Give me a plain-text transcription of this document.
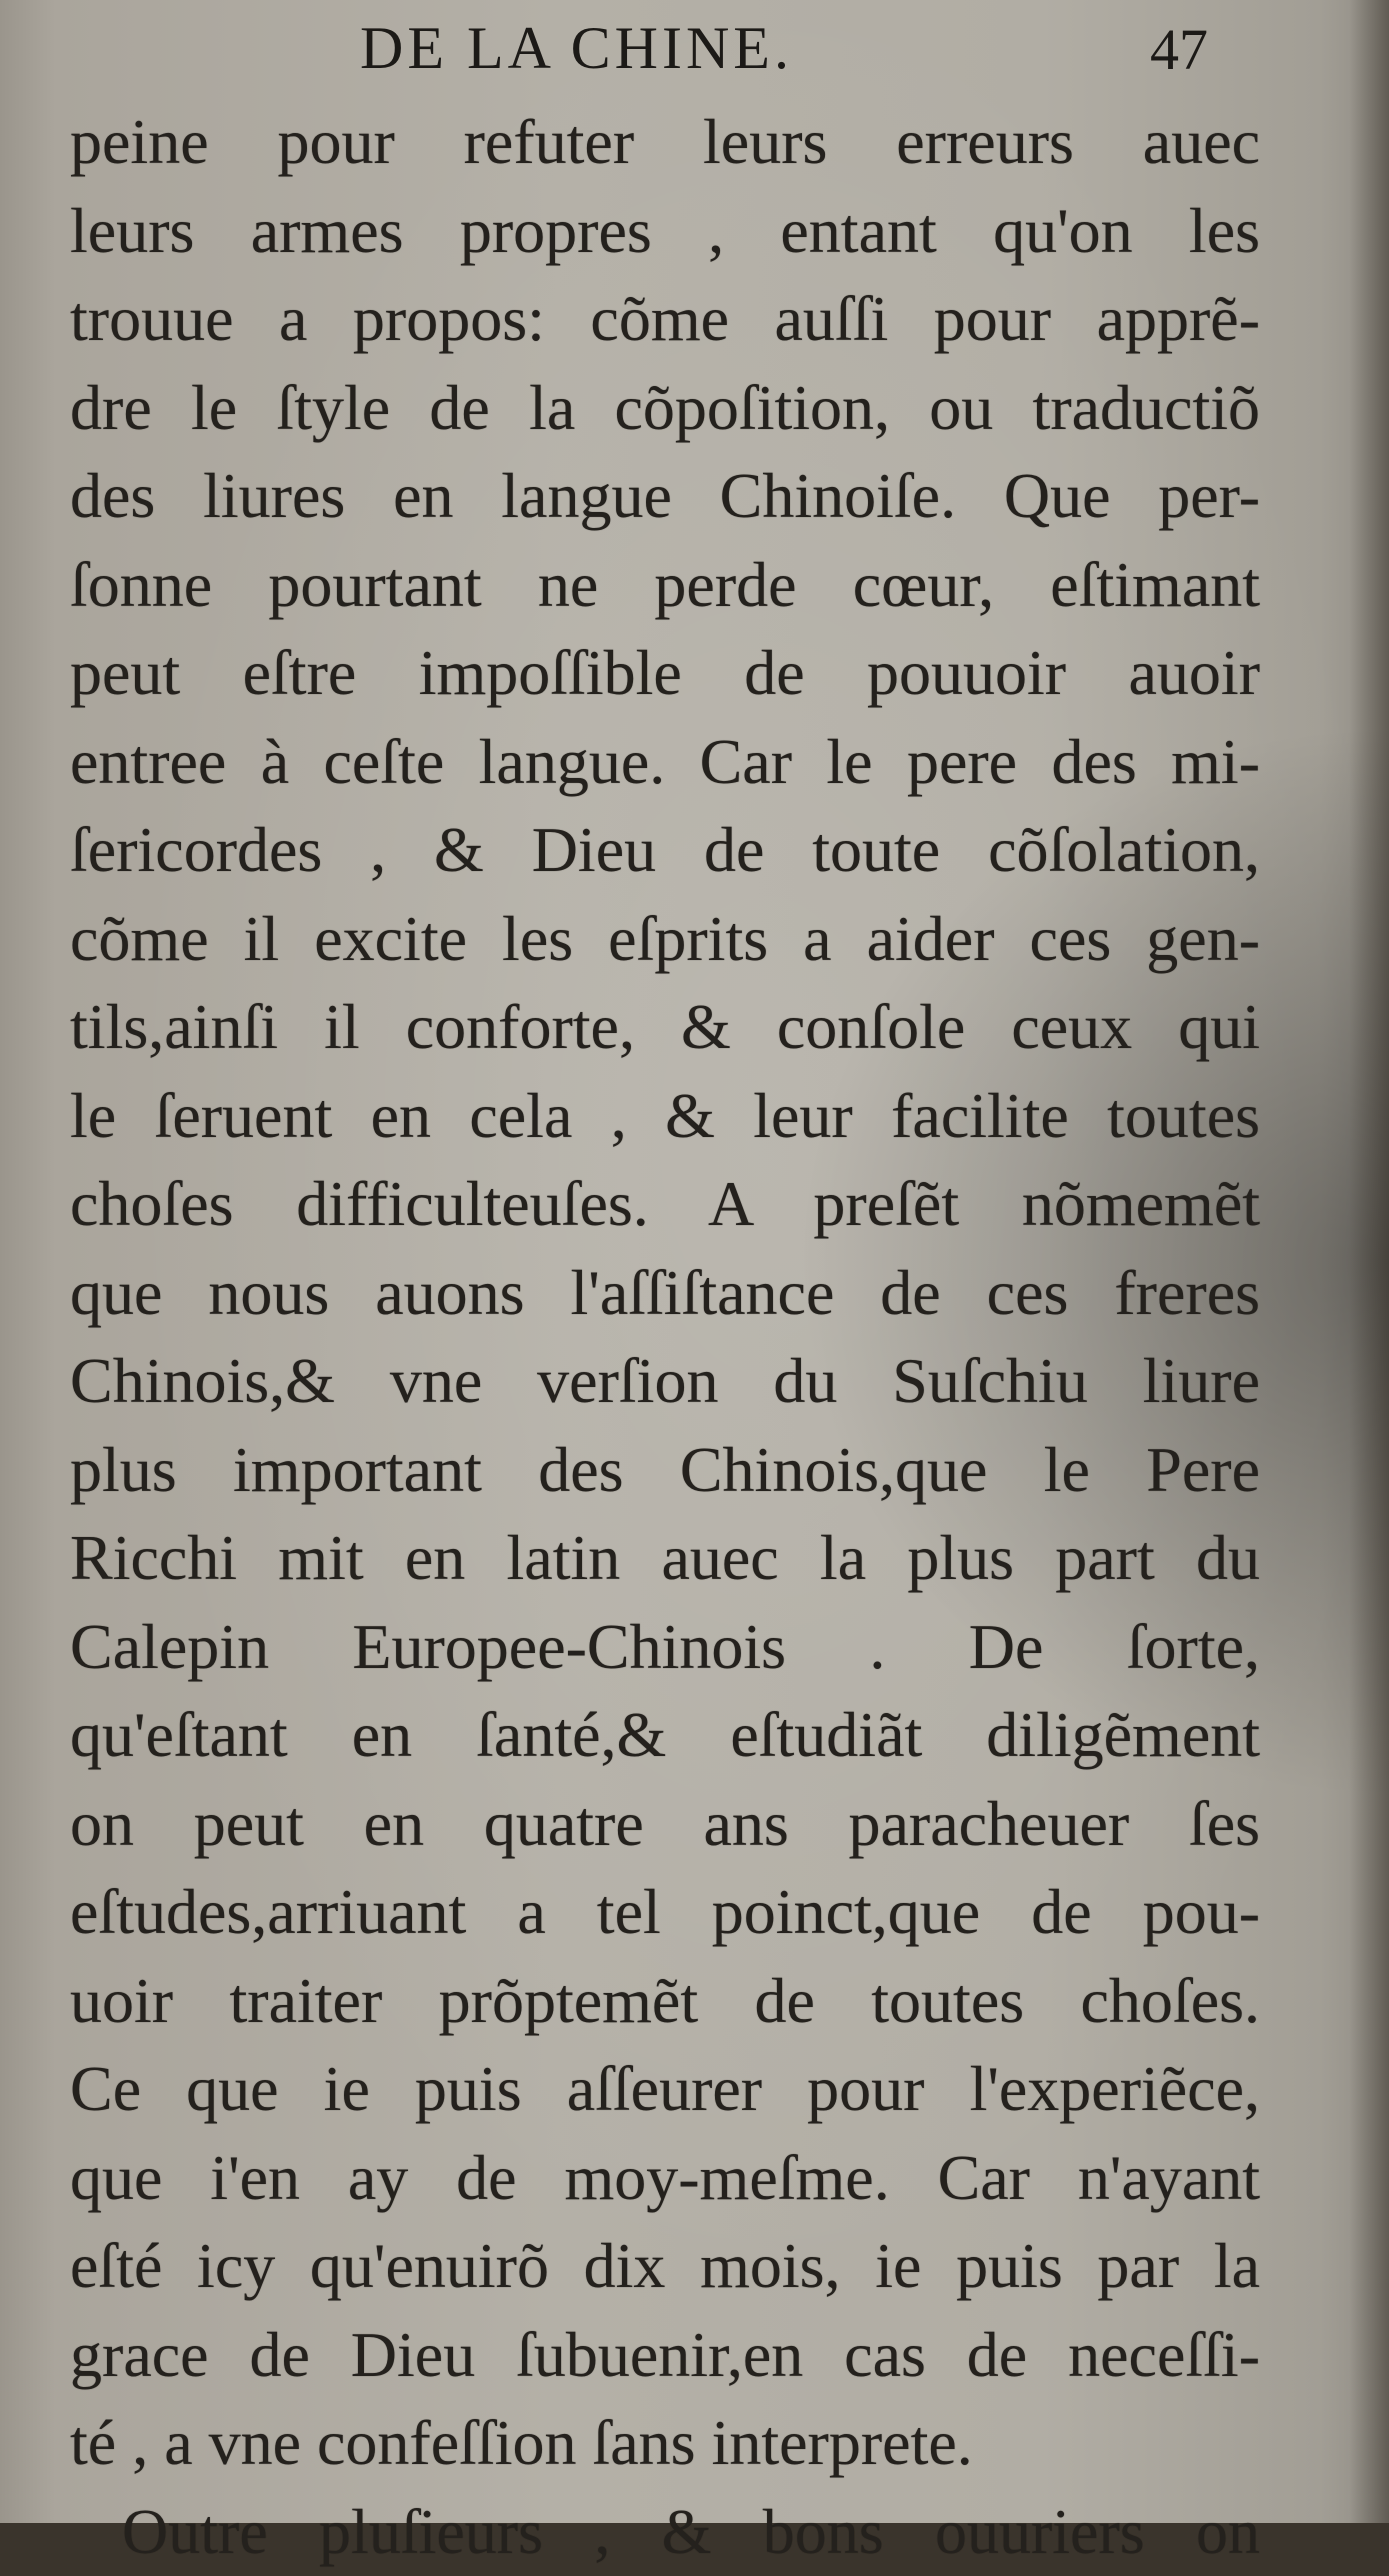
DE LA CHINE.	47
peine pour refuter leurs erreurs auec
leurs armes propres , entant qu'on les
trouue a propos: cõme auſſi pour apprẽ-
dre le ſtyle de la cõpoſition, ou traductiõ
des liures en langue Chinoiſe. Que per-
ſonne pourtant ne perde cœur, eſtimant
peut eſtre impoſſible de pouuoir auoir
entree à ceſte langue. Car le pere des mi-
ſericordes , & Dieu de toute cõſolation,
cõme il excite les eſprits a aider ces gen-
tils,ainſi il conforte, & conſole ceux qui
le ſeruent en cela , & leur facilite toutes
choſes difficulteuſes. A preſẽt nõmemẽt
que nous auons l'aſſiſtance de ces freres
Chinois,& vne verſion du Suſchiu liure
plus important des Chinois,que le Pere
Ricchi mit en latin auec la plus part du
Calepin Europee-Chinois . De ſorte,
qu'eſtant en ſanté,& eſtudiãt diligẽment
on peut en quatre ans paracheuer ſes
eſtudes,arriuant a tel poinct,que de pou-
uoir traiter prõptemẽt de toutes choſes.
Ce que ie puis aſſeurer pour l'experiẽce,
que i'en ay de moy-meſme. Car n'ayant
eſté icy qu'enuirõ dix mois, ie puis par la
grace de Dieu ſubuenir,en cas de neceſſi-
té , a vne confeſſion ſans interprete.
Outre pluſieurs , & bons ouuriers on
